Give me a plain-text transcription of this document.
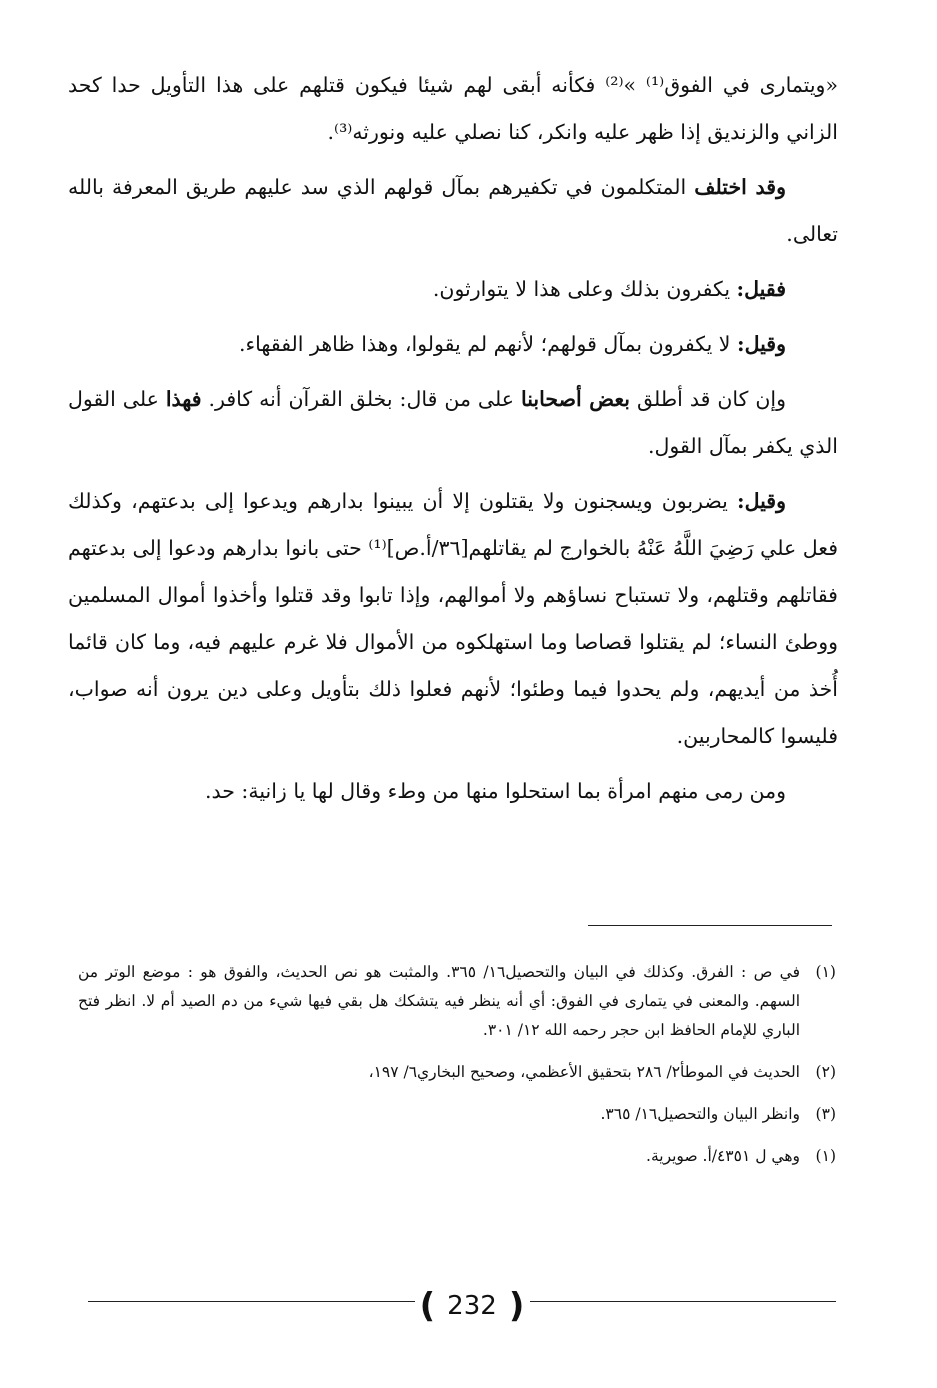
«ويتمارى في الفوق⁽¹⁾ »⁽²⁾ فكأنه أبقى لهم شيئا فيكون قتلهم على هذا التأويل حدا كحد الزاني والزنديق إذا ظهر عليه وانكر، كنا نصلي عليه ونورثه⁽³⁾.

وقد اختلف المتكلمون في تكفيرهم بمآل قولهم الذي سد عليهم طريق المعرفة بالله تعالى.

فقيل: يكفرون بذلك وعلى هذا لا يتوارثون.

وقيل: لا يكفرون بمآل قولهم؛ لأنهم لم يقولوا، وهذا ظاهر الفقهاء.

وإن كان قد أطلق بعض أصحابنا على من قال: بخلق القرآن أنه كافر. فهذا على القول الذي يكفر بمآل القول.

وقيل: يضربون ويسجنون ولا يقتلون إلا أن يبينوا بدارهم ويدعوا إلى بدعتهم، وكذلك فعل علي رَضِيَ اللَّهُ عَنْهُ بالخوارج لم يقاتلهم[٣٦/أ.ص]⁽¹⁾ حتى بانوا بدارهم ودعوا إلى بدعتهم فقاتلهم وقتلهم، ولا تستباح نساؤهم ولا أموالهم، وإذا تابوا وقد قتلوا وأخذوا أموال المسلمين ووطئ النساء؛ لم يقتلوا قصاصا وما استهلكوه من الأموال فلا غرم عليهم فيه، وما كان قائما أُخذ من أيديهم، ولم يحدوا فيما وطئوا؛ لأنهم فعلوا ذلك بتأويل وعلى دين يرون أنه صواب، فليسوا كالمحاربين.

ومن رمى منهم امرأة بما استحلوا منها من وطء وقال لها يا زانية: حد.

(١)في ص : الفرق. وكذلك في البيان والتحصيل١٦/ ٣٦٥. والمثبت هو نص الحديث، والفوق هو : موضع الوتر من السهم. والمعنى في يتمارى في الفوق: أي أنه ينظر فيه يتشكك هل بقي فيها شيء من دم الصيد أم لا. انظر فتح الباري للإمام الحافظ ابن حجر رحمه الله ١٢/ ٣٠١.

(٢)الحديث في الموطأ٢/ ٢٨٦ بتحقيق الأعظمي، وصحيح البخاري٦/ ١٩٧،

(٣)وانظر البيان والتحصيل١٦/ ٣٦٥.

(١)وهي ل ٤٣٥١/أ. صويرية.

( 232 )
